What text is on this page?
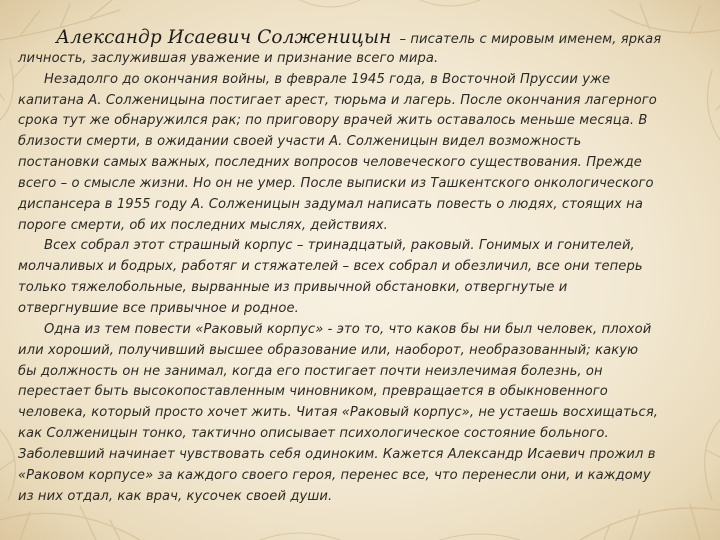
Александр Исаевич Солженицын – писатель с мировым именем, яркая
личность, заслужившая уважение и признание всего мира.
Незадолго до окончания войны, в феврале 1945 года, в Восточной Пруссии уже
капитана А. Солженицына постигает арест, тюрьма и лагерь. После окончания лагерного
срока тут же обнаружился рак; по приговору врачей жить оставалось меньше месяца. В
близости смерти, в ожидании своей участи А. Солженицын видел возможность
постановки самых важных, последних вопросов человеческого существования. Прежде
всего – о смысле жизни. Но он не умер. После выписки из Ташкентского онкологического
диспансера в 1955 году А. Солженицын задумал написать повесть о людях, стоящих на
пороге смерти, об их последних мыслях, действиях.
Всех собрал этот страшный корпус – тринадцатый, раковый. Гонимых и гонителей,
молчаливых и бодрых, работяг и стяжателей – всех собрал и обезличил, все они теперь
только тяжелобольные, вырванные из привычной обстановки, отвергнутые и
отвергнувшие все привычное и родное.
Одна из тем повести «Раковый корпус» - это то, что каков бы ни был человек, плохой
или хороший, получивший высшее образование или, наоборот, необразованный; какую
бы должность он не занимал, когда его постигает почти неизлечимая болезнь, он
перестает быть высокопоставленным чиновником, превращается в обыкновенного
человека, который просто хочет жить. Читая «Раковый корпус», не устаешь восхищаться,
как Солженицын тонко, тактично описывает психологическое состояние больного.
Заболевший начинает чувствовать себя одиноким. Кажется Александр Исаевич прожил в
«Раковом корпусе» за каждого своего героя, перенес все, что перенесли они, и каждому
из них отдал, как врач, кусочек своей души.
